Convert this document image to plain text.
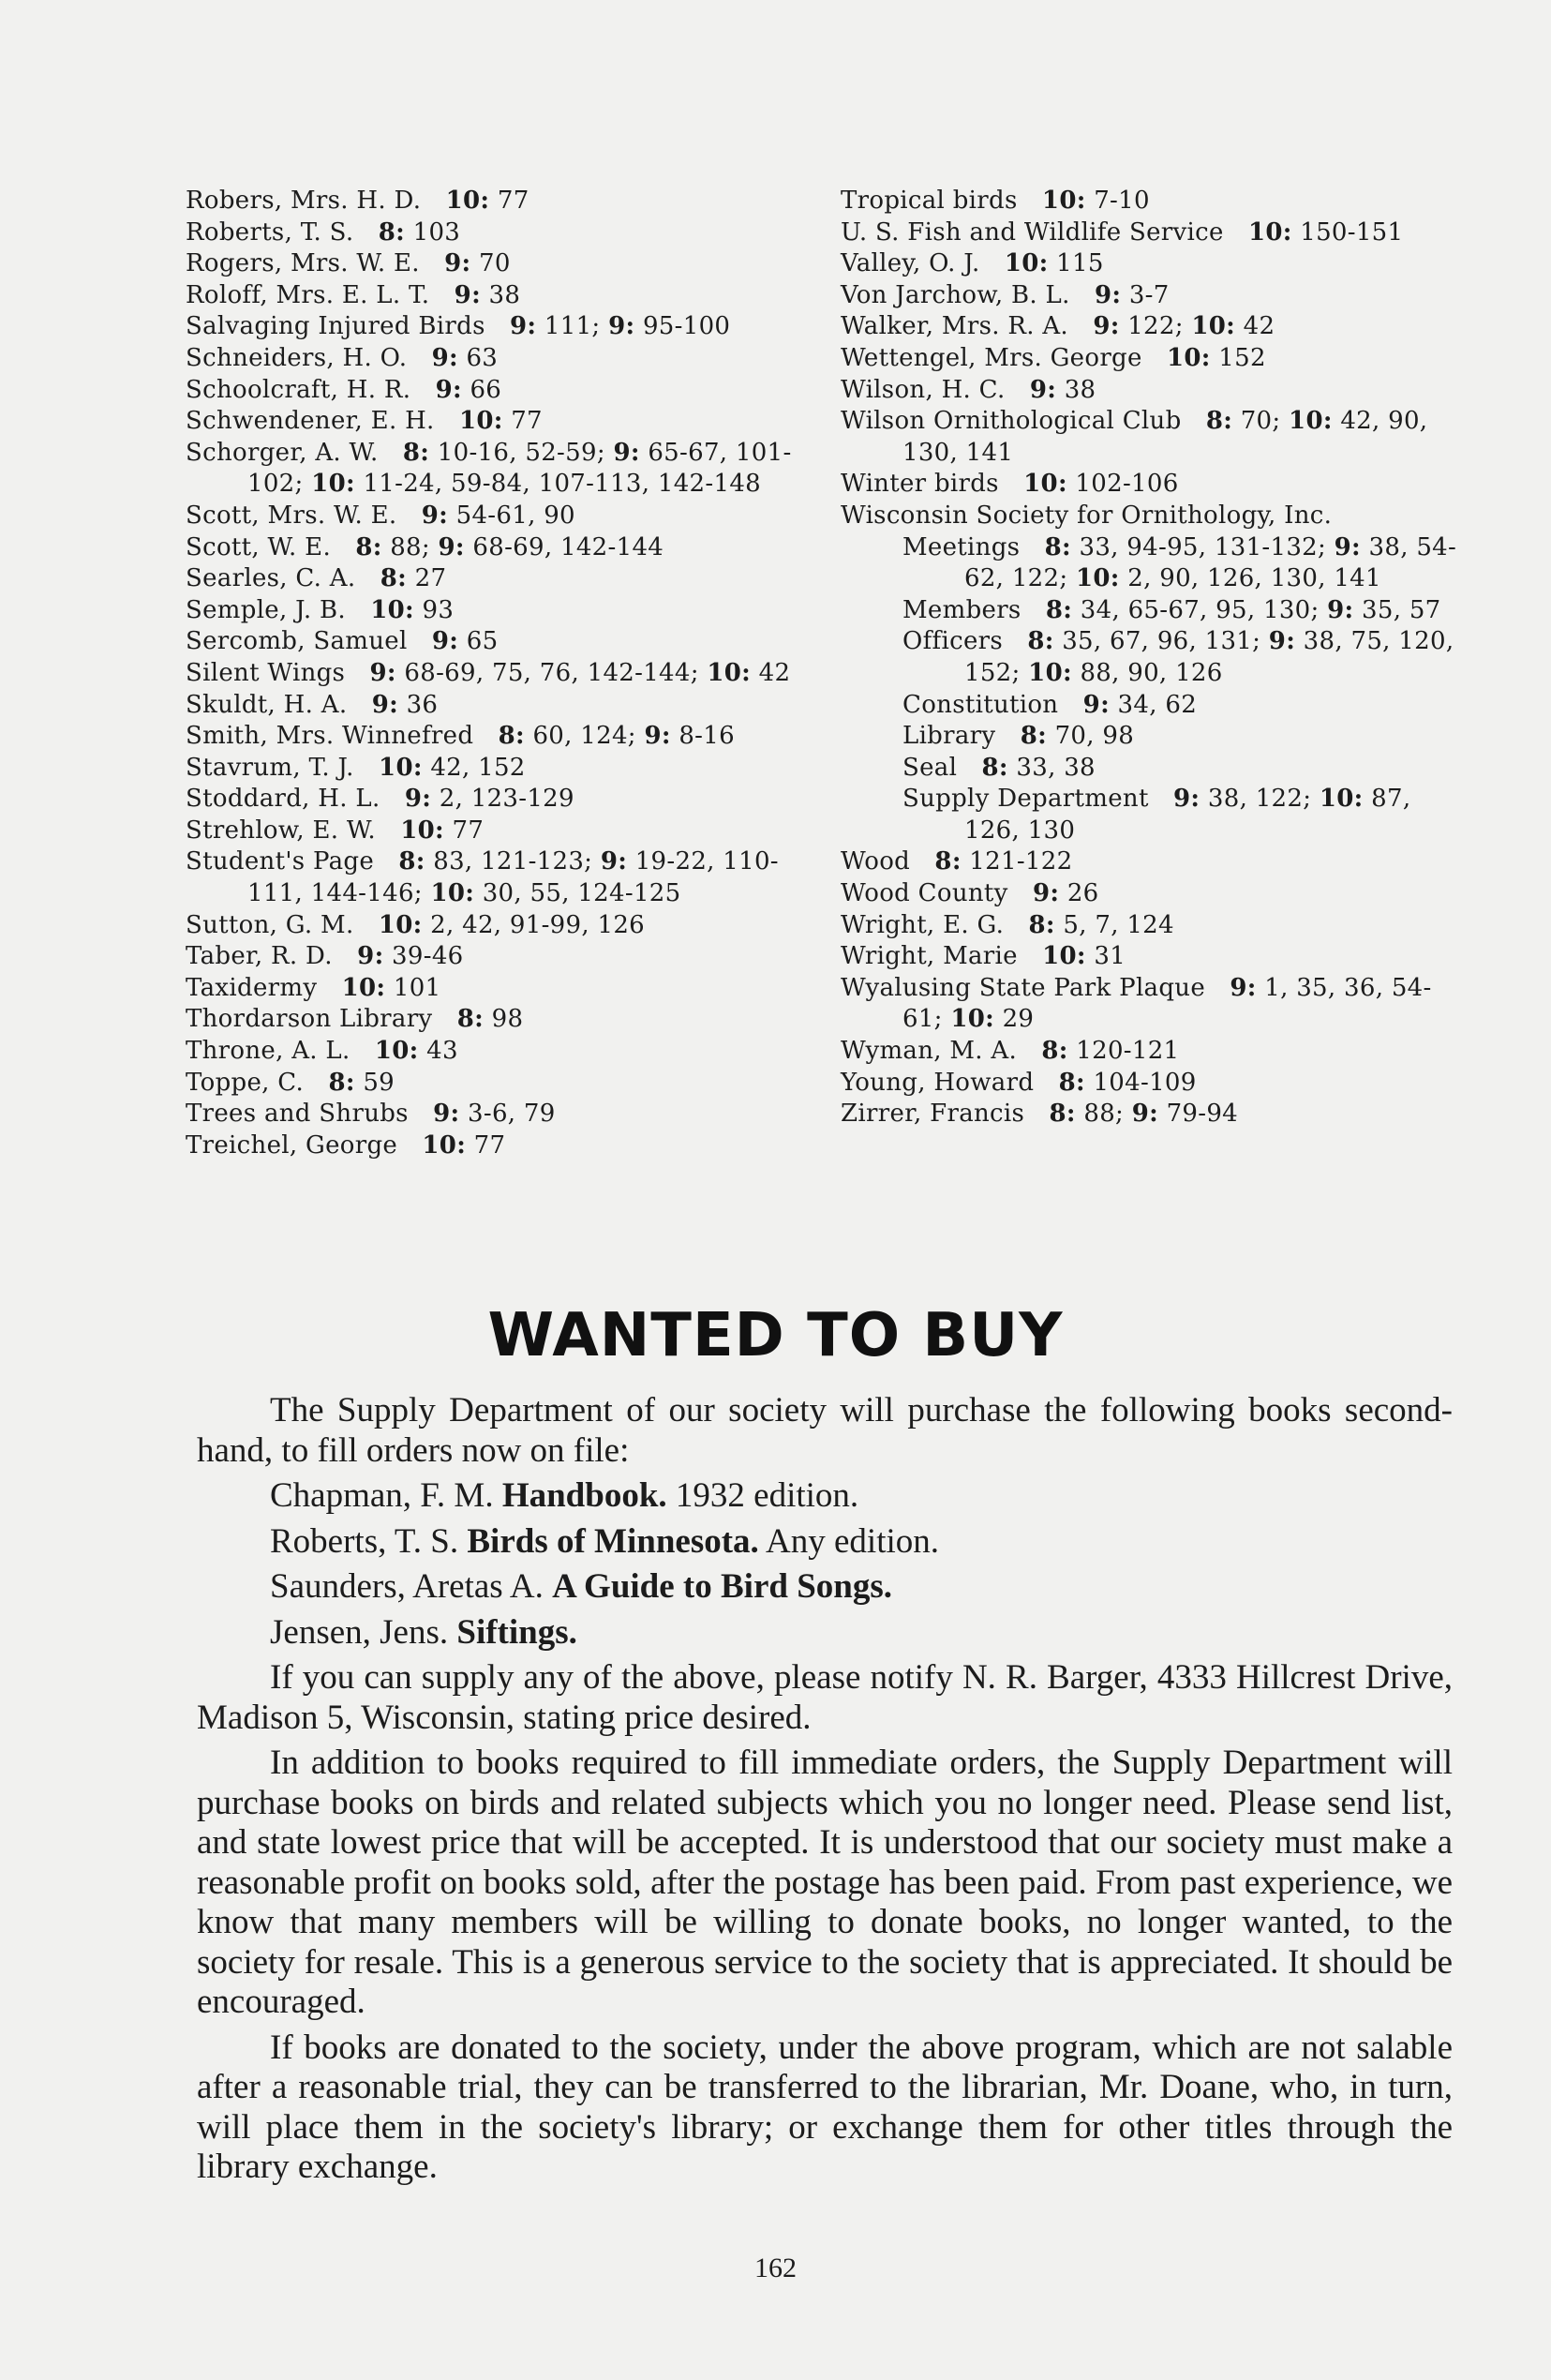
Robers, Mrs. H. D.  10: 77
Roberts, T. S.  8: 103
Rogers, Mrs. W. E.  9: 70
Roloff, Mrs. E. L. T.  9: 38
Salvaging Injured Birds  9: 111; 9: 95-100
Schneiders, H. O.  9: 63
Schoolcraft, H. R.  9: 66
Schwendener, E. H.  10: 77
Schorger, A. W.  8: 10-16, 52-59; 9: 65-67, 101-102; 10: 11-24, 59-84, 107-113, 142-148
Scott, Mrs. W. E.  9: 54-61, 90
Scott, W. E.  8: 88; 9: 68-69, 142-144
Searles, C. A.  8: 27
Semple, J. B.  10: 93
Sercomb, Samuel  9: 65
Silent Wings  9: 68-69, 75, 76, 142-144; 10: 42
Skuldt, H. A.  9: 36
Smith, Mrs. Winnefred  8: 60, 124; 9: 8-16
Stavrum, T. J.  10: 42, 152
Stoddard, H. L.  9: 2, 123-129
Strehlow, E. W.  10: 77
Student's Page  8: 83, 121-123; 9: 19-22, 110-111, 144-146; 10: 30, 55, 124-125
Sutton, G. M.  10: 2, 42, 91-99, 126
Taber, R. D.  9: 39-46
Taxidermy  10: 101
Thordarson Library  8: 98
Throne, A. L.  10: 43
Toppe, C.  8: 59
Trees and Shrubs  9: 3-6, 79
Treichel, George  10: 77
Tropical birds  10: 7-10
U. S. Fish and Wildlife Service  10: 150-151
Valley, O. J.  10: 115
Von Jarchow, B. L.  9: 3-7
Walker, Mrs. R. A.  9: 122; 10: 42
Wettengel, Mrs. George  10: 152
Wilson, H. C.  9: 38
Wilson Ornithological Club  8: 70; 10: 42, 90, 130, 141
Winter birds  10: 102-106
Wisconsin Society for Ornithology, Inc.
Meetings  8: 33, 94-95, 131-132; 9: 38, 54-62, 122; 10: 2, 90, 126, 130, 141
Members  8: 34, 65-67, 95, 130; 9: 35, 57
Officers  8: 35, 67, 96, 131; 9: 38, 75, 120, 152; 10: 88, 90, 126
Constitution  9: 34, 62
Library  8: 70, 98
Seal  8: 33, 38
Supply Department  9: 38, 122; 10: 87, 126, 130
Wood  8: 121-122
Wood County  9: 26
Wright, E. G.  8: 5, 7, 124
Wright, Marie  10: 31
Wyalusing State Park Plaque  9: 1, 35, 36, 54-61; 10: 29
Wyman, M. A.  8: 120-121
Young, Howard  8: 104-109
Zirrer, Francis  8: 88; 9: 79-94
WANTED TO BUY

The Supply Department of our society will purchase the following books second-hand, to fill orders now on file:

Chapman, F. M. Handbook. 1932 edition.
Roberts, T. S. Birds of Minnesota. Any edition.
Saunders, Aretas A. A Guide to Bird Songs.
Jensen, Jens. Siftings.

If you can supply any of the above, please notify N. R. Barger, 4333 Hillcrest Drive, Madison 5, Wisconsin, stating price desired.

In addition to books required to fill immediate orders, the Supply Department will purchase books on birds and related subjects which you no longer need. Please send list, and state lowest price that will be accepted. It is understood that our society must make a reasonable profit on books sold, after the postage has been paid. From past experience, we know that many members will be willing to donate books, no longer wanted, to the society for resale. This is a generous service to the society that is appreciated. It should be encouraged.

If books are donated to the society, under the above program, which are not salable after a reasonable trial, they can be transferred to the librarian, Mr. Doane, who, in turn, will place them in the society's library; or exchange them for other titles through the library exchange.

162
